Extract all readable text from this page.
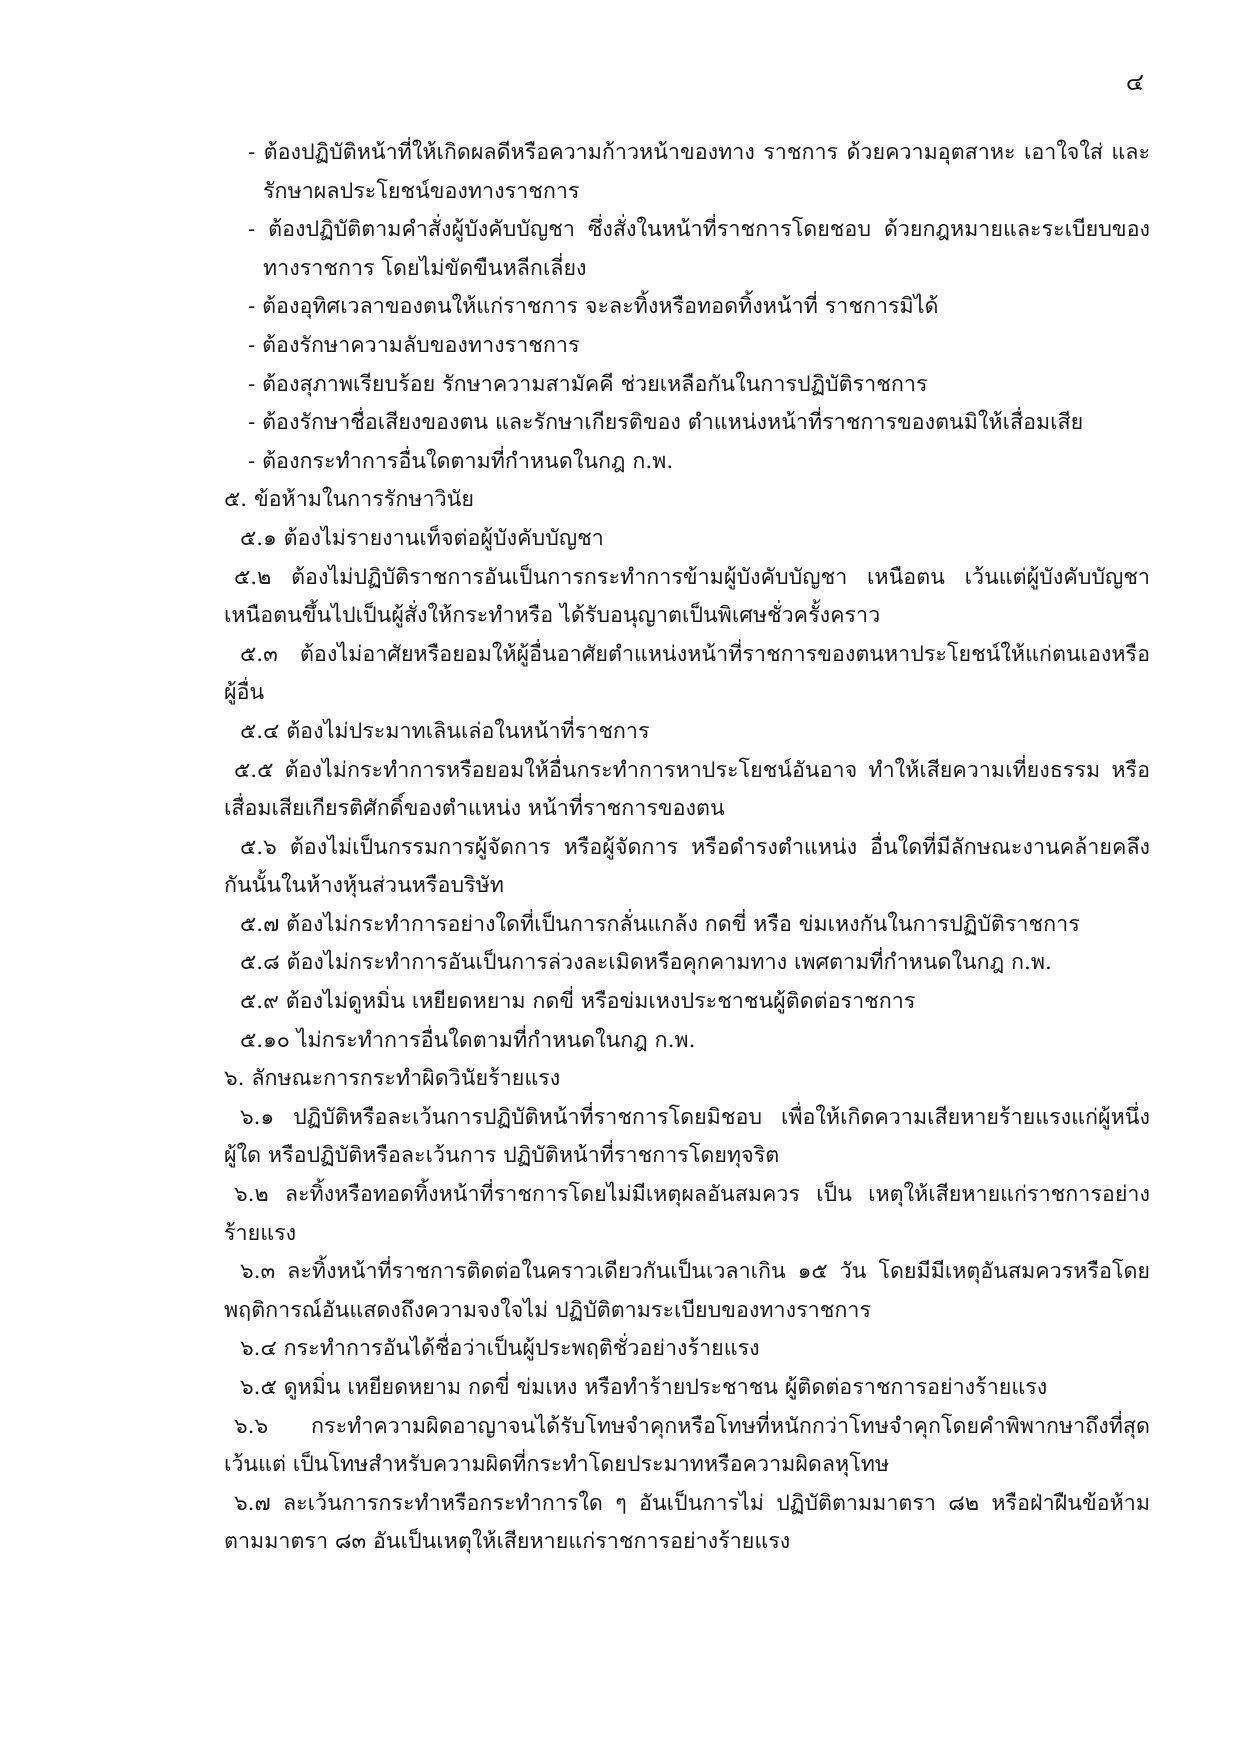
๔
- ต้องปฏิบัติหน้าที่ให้เกิดผลดีหรือความก้าวหน้าของทาง ราชการ ด้วยความอุตสาหะ เอาใจใส่ และ
รักษาผลประโยชน์ของทางราชการ
- ต้องปฏิบัติตามคำสั่งผู้บังคับบัญชา ซึ่งสั่งในหน้าที่ราชการโดยชอบ ด้วยกฎหมายและระเบียบของ
ทางราชการ โดยไม่ขัดขืนหลีกเลี่ยง
- ต้องอุทิศเวลาของตนให้แก่ราชการ จะละทิ้งหรือทอดทิ้งหน้าที่ ราชการมิได้
- ต้องรักษาความลับของทางราชการ
- ต้องสุภาพเรียบร้อย รักษาความสามัคคี ช่วยเหลือกันในการปฏิบัติราชการ
- ต้องรักษาชื่อเสียงของตน และรักษาเกียรติของ ตำแหน่งหน้าที่ราชการของตนมิให้เสื่อมเสีย
- ต้องกระทำการอื่นใดตามที่กำหนดในกฎ ก.พ.
๕. ข้อห้ามในการรักษาวินัย
๕.๑ ต้องไม่รายงานเท็จต่อผู้บังคับบัญชา
๕.๒ ต้องไม่ปฏิบัติราชการอันเป็นการกระทำการข้ามผู้บังคับบัญชา เหนือตน เว้นแต่ผู้บังคับบัญชา
เหนือตนขึ้นไปเป็นผู้สั่งให้กระทำหรือ ได้รับอนุญาตเป็นพิเศษชั่วครั้งคราว
๕.๓ ต้องไม่อาศัยหรือยอมให้ผู้อื่นอาศัยตำแหน่งหน้าที่ราชการของตนหาประโยชน์ให้แก่ตนเองหรือ
ผู้อื่น
๕.๔ ต้องไม่ประมาทเลินเล่อในหน้าที่ราชการ
๕.๕ ต้องไม่กระทำการหรือยอมให้อื่นกระทำการหาประโยชน์อันอาจ ทำให้เสียความเที่ยงธรรม หรือ
เสื่อมเสียเกียรติศักดิ์ของตำแหน่ง หน้าที่ราชการของตน
๕.๖ ต้องไม่เป็นกรรมการผู้จัดการ หรือผู้จัดการ หรือดำรงตำแหน่ง อื่นใดที่มีลักษณะงานคล้ายคลึง
กันนั้นในห้างหุ้นส่วนหรือบริษัท
๕.๗ ต้องไม่กระทำการอย่างใดที่เป็นการกลั่นแกล้ง กดขี่ หรือ ข่มเหงกันในการปฏิบัติราชการ
๕.๘ ต้องไม่กระทำการอันเป็นการล่วงละเมิดหรือคุกคามทาง เพศตามที่กำหนดในกฎ ก.พ.
๕.๙ ต้องไม่ดูหมิ่น เหยียดหยาม กดขี่ หรือข่มเหงประชาชนผู้ติดต่อราชการ
๕.๑๐ ไม่กระทำการอื่นใดตามที่กำหนดในกฎ ก.พ.
๖. ลักษณะการกระทำผิดวินัยร้ายแรง
๖.๑ ปฏิบัติหรือละเว้นการปฏิบัติหน้าที่ราชการโดยมิชอบ เพื่อให้เกิดความเสียหายร้ายแรงแก่ผู้หนึ่ง
ผู้ใด หรือปฏิบัติหรือละเว้นการ ปฏิบัติหน้าที่ราชการโดยทุจริต
๖.๒ ละทิ้งหรือทอดทิ้งหน้าที่ราชการโดยไม่มีเหตุผลอันสมควร เป็น เหตุให้เสียหายแก่ราชการอย่าง
ร้ายแรง
๖.๓ ละทิ้งหน้าที่ราชการติดต่อในคราวเดียวกันเป็นเวลาเกิน ๑๕ วัน โดยมีมีเหตุอันสมควรหรือโดย
พฤติการณ์อันแสดงถึงความจงใจไม่ ปฏิบัติตามระเบียบของทางราชการ
๖.๔ กระทำการอันได้ชื่อว่าเป็นผู้ประพฤติชั่วอย่างร้ายแรง
๖.๕ ดูหมิ่น เหยียดหยาม กดขี่ ข่มเหง หรือทำร้ายประชาชน ผู้ติดต่อราชการอย่างร้ายแรง
๖.๖ กระทำความผิดอาญาจนได้รับโทษจำคุกหรือโทษที่หนักกว่าโทษจำคุกโดยคำพิพากษาถึงที่สุด
เว้นแต่ เป็นโทษสำหรับความผิดที่กระทำโดยประมาทหรือความผิดลหุโทษ
๖.๗ ละเว้นการกระทำหรือกระทำการใด ๆ อันเป็นการไม่ ปฏิบัติตามมาตรา ๘๒ หรือฝ่าฝืนข้อห้าม
ตามมาตรา ๘๓ อันเป็นเหตุให้เสียหายแก่ราชการอย่างร้ายแรง
